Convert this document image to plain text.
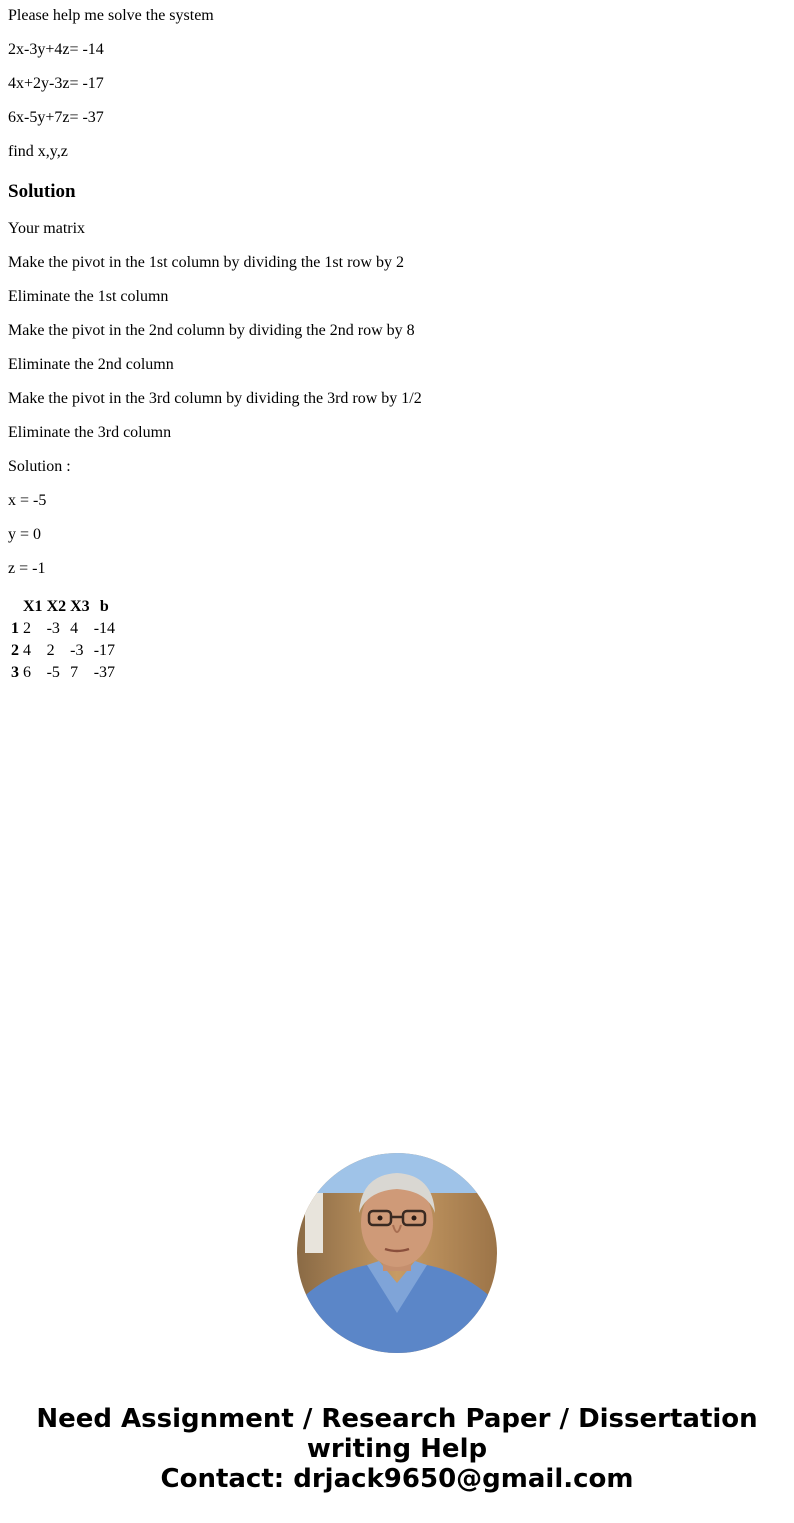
Please help me solve the system

2x-3y+4z= -14

4x+2y-3z= -17

6x-5y+7z= -37

find x,y,z

Solution

Your matrix

Make the pivot in the 1st column by dividing the 1st row by 2

Eliminate the 1st column

Make the pivot in the 2nd column by dividing the 2nd row by 8

Eliminate the 2nd column

Make the pivot in the 3rd column by dividing the 3rd row by 1/2

Eliminate the 3rd column

Solution :

x = -5

y = 0

z = -1

	X1	X2	X3	b
1	2	-3	4	-14
2	4	2	-3	-17
3	6	-5	7	-37
Need Assignment / Research Paper / Dissertation
writing Help
Contact: drjack9650@gmail.com
